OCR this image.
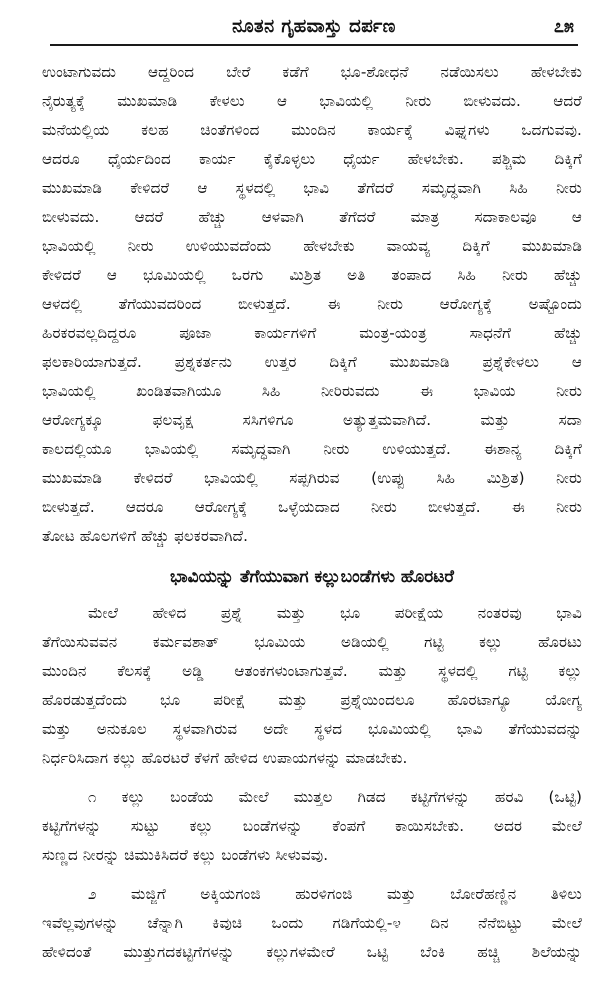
ನೂತನ ಗೃಹವಾಸ್ತು ದರ್ಪಣ	೭೫
ಉಂಟಾಗುವದು ಆದ್ದರಿಂದ ಬೇರೆ ಕಡೆಗೆ ಭೂ-ಶೋಧನೆ ನಡೆಯಿಸಲು ಹೇಳಬೇಕು
ನೈರುತ್ಯಕ್ಕೆ ಮುಖಮಾಡಿ ಕೇಳಲು ಆ ಭಾವಿಯಲ್ಲಿ ನೀರು ಬೀಳುವದು. ಆದರೆ
ಮನೆಯಲ್ಲಿಯ ಕಲಹ ಚಿಂತೆಗಳಿಂದ ಮುಂದಿನ ಕಾರ್ಯಕ್ಕೆ ವಿಘ್ನಗಳು ಒದಗುವವು.
ಆದರೂ ಧೈರ್ಯದಿಂದ ಕಾರ್ಯ ಕೈಕೊಳ್ಳಲು ಧೈರ್ಯ ಹೇಳಬೇಕು. ಪಶ್ಚಿಮ ದಿಕ್ಕಿಗೆ
ಮುಖಮಾಡಿ ಕೇಳಿದರೆ ಆ ಸ್ಥಳದಲ್ಲಿ ಭಾವಿ ತೆಗೆದರೆ ಸಮೃದ್ಧವಾಗಿ ಸಿಹಿ ನೀರು
ಬೀಳುವದು. ಆದರೆ ಹೆಚ್ಚು ಆಳವಾಗಿ ತೆಗೆದರೆ ಮಾತ್ರ ಸದಾಕಾಲವೂ ಆ
ಭಾವಿಯಲ್ಲಿ ನೀರು ಉಳಿಯುವದೆಂದು ಹೇಳಬೇಕು ವಾಯವ್ಯ ದಿಕ್ಕಿಗೆ ಮುಖಮಾಡಿ
ಕೇಳಿದರೆ ಆ ಭೂಮಿಯಲ್ಲಿ ಒರಗು ಮಿಶ್ರಿತ ಅತಿ ತಂಪಾದ ಸಿಹಿ ನೀರು ಹೆಚ್ಚು
ಆಳದಲ್ಲಿ ತೆಗೆಯುವದರಿಂದ ಬೀಳುತ್ತದೆ. ಈ ನೀರು ಆರೋಗ್ಯಕ್ಕೆ ಅಷ್ಟೊಂದು
ಹಿರಕರವಲ್ಲದಿದ್ದರೂ ಪೂಜಾ ಕಾರ್ಯಗಳಿಗೆ ಮಂತ್ರ-ಯಂತ್ರ ಸಾಧನೆಗೆ ಹೆಚ್ಚು
ಫಲಕಾರಿಯಾಗುತ್ತದೆ. ಪ್ರಶ್ನಕರ್ತನು ಉತ್ತರ ದಿಕ್ಕಿಗೆ ಮುಖಮಾಡಿ ಪ್ರಶ್ನೆಕೇಳಲು ಆ
ಭಾವಿಯಲ್ಲಿ ಖಂಡಿತವಾಗಿಯೂ ಸಿಹಿ ನೀರಿರುವದು ಈ ಭಾವಿಯ ನೀರು
ಆರೋಗ್ಯಕ್ಕೂ ಫಲವೃಕ್ಷ ಸಸಿಗಳಿಗೂ ಅತ್ಯುತ್ತಮವಾಗಿದೆ. ಮತ್ತು ಸದಾ
ಕಾಲದಲ್ಲಿಯೂ ಭಾವಿಯಲ್ಲಿ ಸಮೃದ್ಧವಾಗಿ ನೀರು ಉಳಿಯುತ್ತದೆ. ಈಶಾನ್ಯ ದಿಕ್ಕಿಗೆ
ಮುಖಮಾಡಿ ಕೇಳಿದರೆ ಭಾವಿಯಲ್ಲಿ ಸಪ್ಪಗಿರುವ (ಉಪ್ಪು ಸಿಹಿ ಮಿಶ್ರಿತ) ನೀರು
ಬೀಳುತ್ತದೆ. ಆದರೂ ಆರೋಗ್ಯಕ್ಕೆ ಒಳ್ಳೆಯದಾದ ನೀರು ಬೀಳುತ್ತದೆ. ಈ ನೀರು
ತೋಟ ಹೊಲಗಳಿಗೆ ಹೆಚ್ಚು ಫಲಕರವಾಗಿದೆ.
ಭಾವಿಯನ್ನು ತೆಗೆಯುವಾಗ ಕಲ್ಲುಬಂಡೆಗಳು ಹೊರಟರೆ
ಮೇಲೆ ಹೇಳಿದ ಪ್ರಶ್ನೆ ಮತ್ತು ಭೂ ಪರೀಕ್ಷೆಯ ನಂತರವು ಭಾವಿ
ತೆಗೆಯಿಸುವವನ ಕರ್ಮವಶಾತ್ ಭೂಮಿಯ ಅಡಿಯಲ್ಲಿ ಗಟ್ಟಿ ಕಲ್ಲು ಹೊರಟು
ಮುಂದಿನ ಕೆಲಸಕ್ಕೆ ಅಡ್ಡಿ ಆತಂಕಗಳುಂಟಾಗುತ್ತವೆ. ಮತ್ತು ಸ್ಥಳದಲ್ಲಿ ಗಟ್ಟಿ ಕಲ್ಲು
ಹೊರಡುತ್ತದೆಂದು ಭೂ ಪರೀಕ್ಷೆ ಮತ್ತು ಪ್ರಶ್ನೆಯಿಂದಲೂ ಹೊರಟಾಗ್ಯೂ ಯೋಗ್ಯ
ಮತ್ತು ಅನುಕೂಲ ಸ್ಥಳವಾಗಿರುವ ಅದೇ ಸ್ಥಳದ ಭೂಮಿಯಲ್ಲಿ ಭಾವಿ ತೆಗೆಯುವದನ್ನು
ನಿರ್ಧರಿಸಿದಾಗ ಕಲ್ಲು ಹೊರಟರೆ ಕೆಳಗೆ ಹೇಳಿದ ಉಪಾಯಗಳನ್ನು ಮಾಡಬೇಕು.
೧ ಕಲ್ಲು ಬಂಡೆಯ ಮೇಲೆ ಮುತ್ತಲ ಗಿಡದ ಕಟ್ಟಿಗೆಗಳನ್ನು ಹರವಿ (ಒಟ್ಟಿ)
ಕಟ್ಟಿಗೆಗಳನ್ನು ಸುಟ್ಟು ಕಲ್ಲು ಬಂಡೆಗಳನ್ನು ಕೆಂಪಗೆ ಕಾಯಿಸಬೇಕು. ಅದರ ಮೇಲೆ
ಸುಣ್ಣದ ನೀರನ್ನು ಚಿಮುಕಿಸಿದರೆ ಕಲ್ಲು ಬಂಡೆಗಳು ಸೀಳುವವು.
೨ ಮಜ್ಜಿಗೆ ಅಕ್ಕಿಯಗಂಜಿ ಹುರಳಿಗಂಜಿ ಮತ್ತು ಬೋರೆಹಣ್ಣಿನ ತಿಳಿಲು
ಇವೆಲ್ಲವುಗಳನ್ನು ಚೆನ್ನಾಗಿ ಕಿವುಚಿ ಒಂದು ಗಡಿಗೆಯಲ್ಲಿ-೪ ದಿನ ನೆನೆಬಿಟ್ಟು ಮೇಲೆ
ಹೇಳಿದಂತೆ ಮುತ್ತುಗದಕಟ್ಟಿಗೆಗಳನ್ನು ಕಲ್ಲುಗಳಮೇರೆ ಒಟ್ಟಿ ಬೆಂಕಿ ಹಚ್ಚಿ ಶಿಲೆಯನ್ನು
